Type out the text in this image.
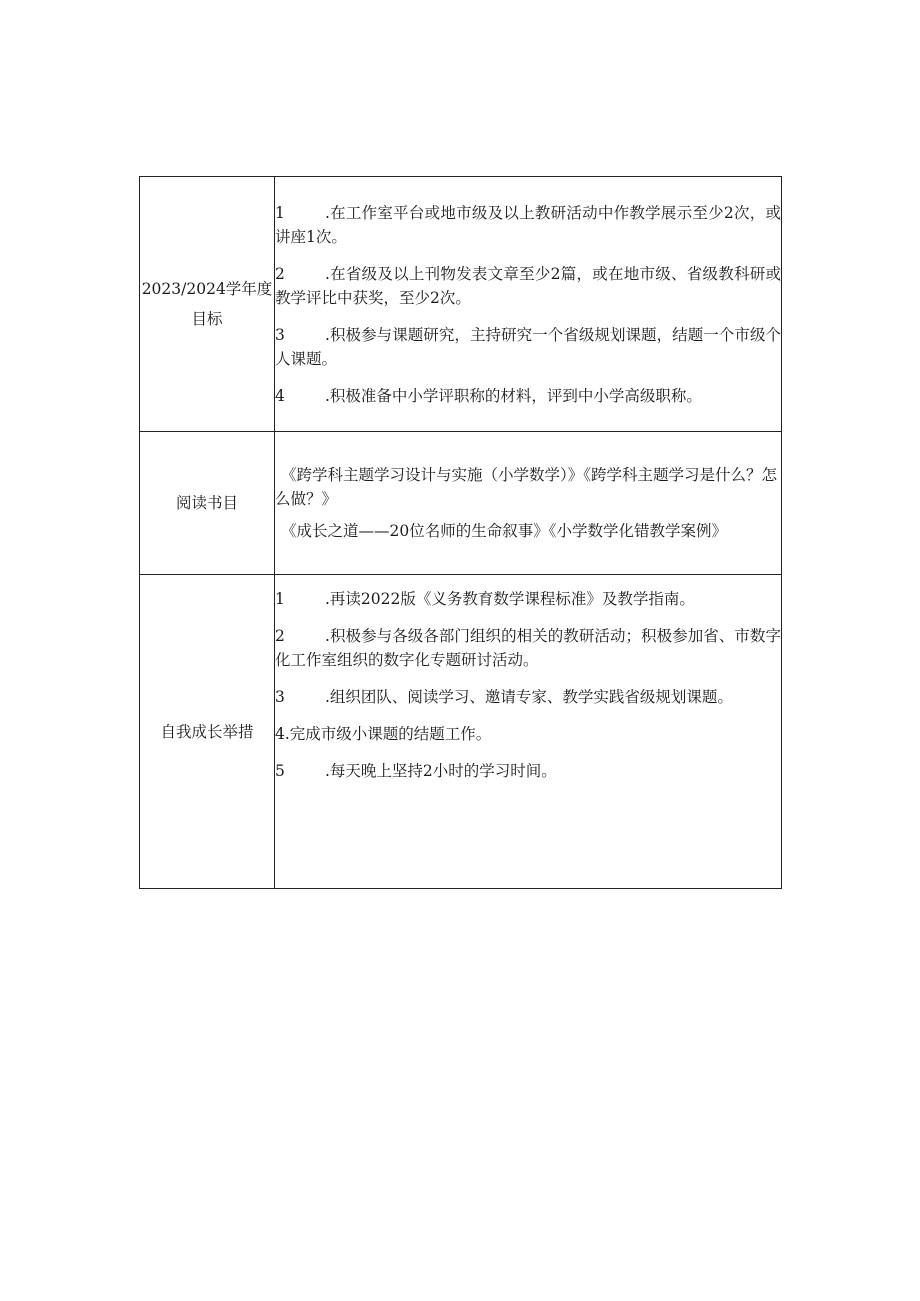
2023/2024学年度目标	1 .在工作室平台或地市级及以上教研活动中作教学展示至少2次，或讲座1次。

2 .在省级及以上刊物发表文章至少2篇，或在地市级、省级教科研或教学评比中获奖，至少2次。

3 .积极参与课题研究，主持研究一个省级规划课题，结题一个市级个人课题。

4 .积极准备中小学评职称的材料，评到中小学高级职称。

阅读书目	《跨学科主题学习设计与实施（小学数学）》《跨学科主题学习是什么？怎么做？》

《成长之道——20位名师的生命叙事》《小学数学化错教学案例》

自我成长举措	1 .再读2022版《义务教育数学课程标准》及教学指南。

2 .积极参与各级各部门组织的相关的教研活动；积极参加省、市数字化工作室组织的数字化专题研讨活动。

3 .组织团队、阅读学习、邀请专家、教学实践省级规划课题。

4.完成市级小课题的结题工作。

5 .每天晚上坚持2小时的学习时间。
